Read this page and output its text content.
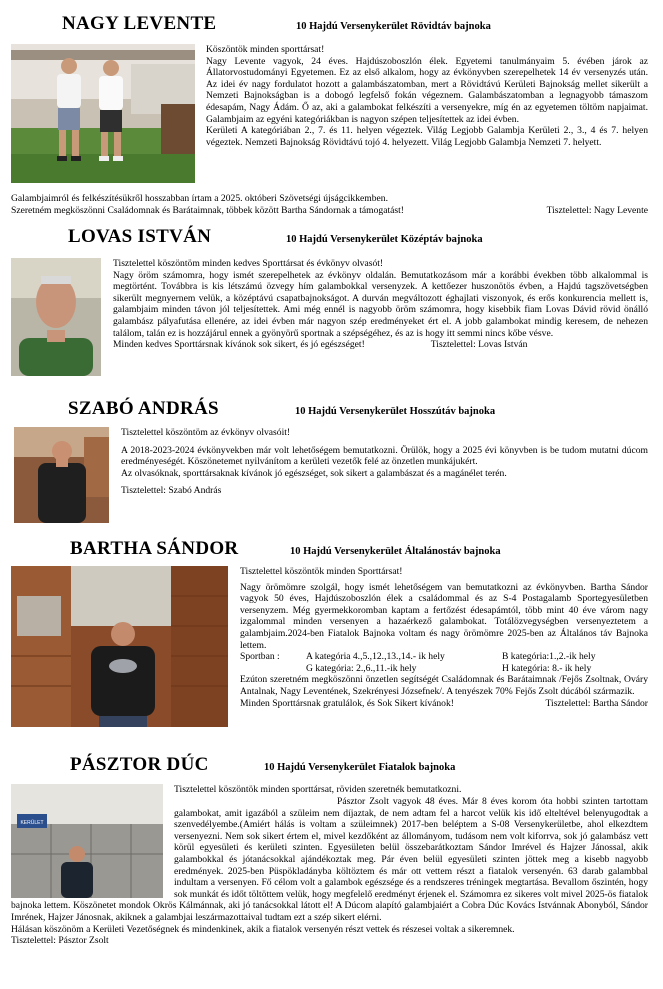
NAGY LEVENTE	10 Hajdú Versenykerület Rövidtáv bajnoka

Köszöntök minden sporttársat!

Nagy Levente vagyok, 24 éves. Hajdúszoboszlón élek. Egyetemi tanulmányaim 5. évében járok az Állatorvostudományi Egyetemen. Ez az első alkalom, hogy az évkönyvben szerepelhetek 14 év versenyzés után. Az idei év nagy fordulatot hozott a galambászatomban, mert a Rövidtávú Kerületi Bajnokság mellet sikerült a Nemzeti Bajnokságban is a dobogó legfelső fokán végeznem. Galambászatomban a legnagyobb támaszom édesapám, Nagy Ádám. Ő az, aki a galambokat felkészíti a versenyekre, míg én az egyetemen töltöm napjaimat. Galambjaim az egyéni kategóriákban is nagyon szépen teljesítettek az idei évben.

Kerületi A kategóriában 2., 7. és 11. helyen végeztek. Világ Legjobb Galambja Kerületi 2., 3., 4 és 7. helyen végeztek. Nemzeti Bajnokság Rövidtávú tojó 4. helyezett. Világ Legjobb Galambja Nemzeti 7. helyett.

Galambjaimról és felkészítésükről hosszabban írtam a 2025. októberi Szövetségi újságcikkemben.

Szeretném megköszönni Családomnak és Barátaimnak, többek között Bartha Sándornak a támogatást!	Tisztelettel: Nagy Levente
LOVAS ISTVÁN	10 Hajdú Versenykerület Középtáv bajnoka

Tisztelettel köszöntöm minden kedves Sporttársat és évkönyv olvasót!

Nagy öröm számomra, hogy ismét szerepelhetek az évkönyv oldalán. Bemutatkozásom már a korábbi években több alkalommal is megtörtént. Továbbra is kis létszámú özvegy hím galambokkal versenyzek. A kettőezer huszonötös évben, a Hajdú tagszövetségben sikerült megnyernem velük, a középtávú csapatbajnokságot. A durván megváltozott éghajlati viszonyok, és erős konkurencia mellett is, galambjaim minden távon jól teljesítettek. Ami még ennél is nagyobb öröm számomra, hogy kisebbik fiam Lovas Dávid rövid önálló galambász pályafutása ellenére, az idei évben már nagyon szép eredményeket ért el. A jobb galambokat mindig keresem, de nehezen találom, talán ez is hozzájárul ennek a gyönyörű sportnak a szépségéhez, és az is hogy itt semmi nincs kőbe vésve.

Minden kedves Sporttársnak kívánok sok sikert, és jó egészséget!	Tisztelettel: Lovas István
SZABÓ ANDRÁS	10 Hajdú Versenykerület Hosszútáv bajnoka

Tisztelettel köszöntöm az évkönyv olvasóit!

A 2018-2023-2024 évkönyvekben már volt lehetőségem bemutatkozni. Örülök, hogy a 2025 évi könyvben is be tudom mutatni dúcom eredményeségét. Köszönetemet nyilvánítom a kerületi vezetők felé az önzetlen munkájukért.

Az olvasóknak, sporttársaknak kívánok jó egészséget, sok sikert a galambászat és a magánélet terén.

Tisztelettel: Szabó András

BARTHA SÁNDOR	10 Hajdú Versenykerület Általánostáv bajnoka

Tisztelettel köszöntök minden Sporttársat!

Nagy örömömre szolgál, hogy ismét lehetőségem van bemutatkozni az évkönyvben. Bartha Sándor vagyok 50 éves, Hajdúszoboszlón élek a családommal és az S-4 Postagalamb Sportegyesületben versenyzem. Még gyermekkoromban kaptam a fertőzést édesapámtól, több mint 40 éve várom nagy izgalommal minden versenyen a hazaérkező galambokat. Totálözvegységben versenyeztetem a galambjaim.2024-ben Fiatalok Bajnoka voltam és nagy örömömre 2025-ben az Általános táv Bajnoka lettem.

Sportban :	A kategória 4.,5.,12.,13.,14.- ik hely	B kategória:1.,2.-ik hely
G kategória: 2.,6.,11.-ik hely	H kategória: 8.- ik hely

Ezúton szeretném megköszönni önzetlen segítségét Családomnak és Barátaimnak /Fejős Zsoltnak, Ováry Antalnak, Nagy Leventének, Szekrényesi Józsefnek/. A tenyészek 70% Fejős Zsolt dúcából származik.

Minden Sporttársnak gratulálok, és Sok Sikert kívánok!	Tisztelettel: Bartha Sándor
PÁSZTOR DÚC	10 Hajdú Versenykerület Fiatalok bajnoka
KERÜLET

Tisztelettel köszöntök minden sporttársat, röviden szeretnék bemutatkozni.

Pásztor Zsolt vagyok 48 éves. Már 8 éves korom óta hobbi szinten tartottam galambokat, amit igazából a szüleim nem díjaztak, de nem adtam fel a harcot velük kis idő elteltével belenyugodtak a szenvedélyembe.(Amiért hálás is voltam a szüleimnek) 2017-ben beléptem a S-08 Versenykerületbe, ahol elkezdtem versenyezni. Nem sok sikert értem el, mivel kezdőként az állományom, tudásom nem volt kiforrva, sok jó galambász vett körül egyesületi és kerületi szinten. Egyesületen belül összebarátkoztam Sándor Imrével és Hajzer Jánossal, akik galambokkal és jótanácsokkal ajándékoztak meg. Pár éven belül egyesületi szinten jöttek meg a kisebb nagyobb eredmények. 2025-ben Püspökladányba költöztem és már ott vettem részt a fiatalok versenyén. 63 darab galambbal indultam a versenyen. Fő célom volt a galambok egészsége és a rendszeres tréningek megtartása. Bevallom őszintén, hogy sok munkát és időt töltöttem velük, hogy megfelelő eredményt érjenek el. Számomra ez sikeres volt mivel 2025-ös fiatalok bajnoka lettem. Köszönetet mondok Okrös Kálmánnak, aki jó tanácsokkal látott el! A Dúcom alapító galambjaiért a Cobra Dúc Kovács Istvánnak Abonyból, Sándor Imrének, Hajzer Jánosnak, akiknek a galambjai leszármazottaival tudtam ezt a szép sikert elérni.

Hálásan köszönöm a Kerületi Vezetőségnek és mindenkinek, akik a fiatalok versenyén részt vettek és részesei voltak a sikeremnek.

Tisztelettel: Pásztor Zsolt
